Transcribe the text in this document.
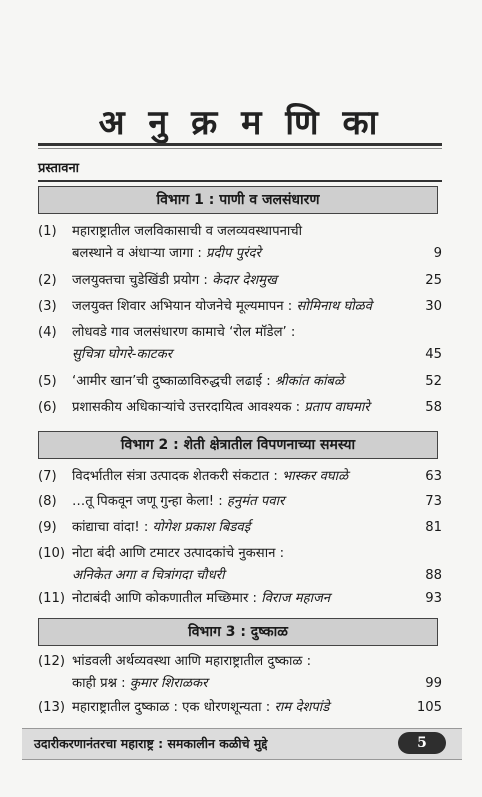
अ नु क्र म णि का
प्रस्तावना
विभाग 1 : पाणी व जलसंधारण
(1) महाराष्ट्रातील जलविकासाची व जलव्यवस्थापनाची
बलस्थाने व अंधाऱ्या जागा : प्रदीप पुरंदरे	9
(2) जलयुक्तचा चुडेखिंडी प्रयोग : केदार देशमुख	25
(3) जलयुक्त शिवार अभियान योजनेचे मूल्यमापन : सोमिनाथ घोळवे	30
(4) लोधवडे गाव जलसंधारण कामाचे ‘रोल मॉडेल’ :
सुचित्रा घोगरे-काटकर	45
(5) ‘आमीर खान’ची दुष्काळाविरुद्धची लढाई : श्रीकांत कांबळे	52
(6) प्रशासकीय अधिकाऱ्यांचे उत्तरदायित्व आवश्यक : प्रताप वाघमारे	58
विभाग 2 : शेती क्षेत्रातील विपणनाच्या समस्या
(7) विदर्भातील संत्रा उत्पादक शेतकरी संकटात : भास्कर वघाळे	63
(8) …तू पिकवून जणू गुन्हा केला! : हनुमंत पवार	73
(9) कांद्याचा वांदा! : योगेश प्रकाश बिडवई	81
(10) नोटा बंदी आणि टमाटर उत्पादकांचे नुकसान :
अनिकेत अगा व चित्रांगदा चौधरी	88
(11) नोटाबंदी आणि कोकणातील मच्छिमार : विराज महाजन	93
विभाग 3 : दुष्काळ
(12) भांडवली अर्थव्यवस्था आणि महाराष्ट्रातील दुष्काळ :
काही प्रश्न : कुमार शिराळकर	99
(13) महाराष्ट्रातील दुष्काळ : एक धोरणशून्यता : राम देशपांडे	105
उदारीकरणानंतरचा महाराष्ट्र : समकालीन कळीचे मुद्दे	5
